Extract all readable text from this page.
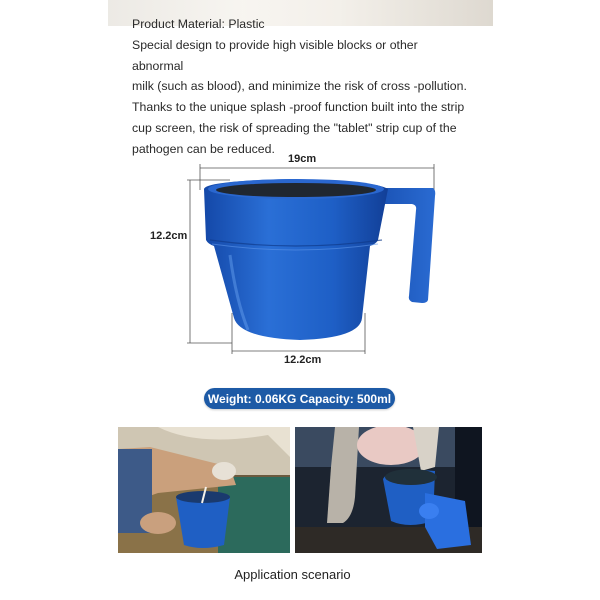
Product Material: Plastic

Special design to provide high visible blocks or other abnormal

milk (such as blood), and minimize the risk of cross -pollution.

Thanks to the unique splash -proof function built into the strip

cup screen, the risk of spreading the "tablet" strip cup of the

pathogen can be reduced.

19cm
12.2cm
12.2cm
Weight: 0.06KG Capacity: 500ml
Application scenario
